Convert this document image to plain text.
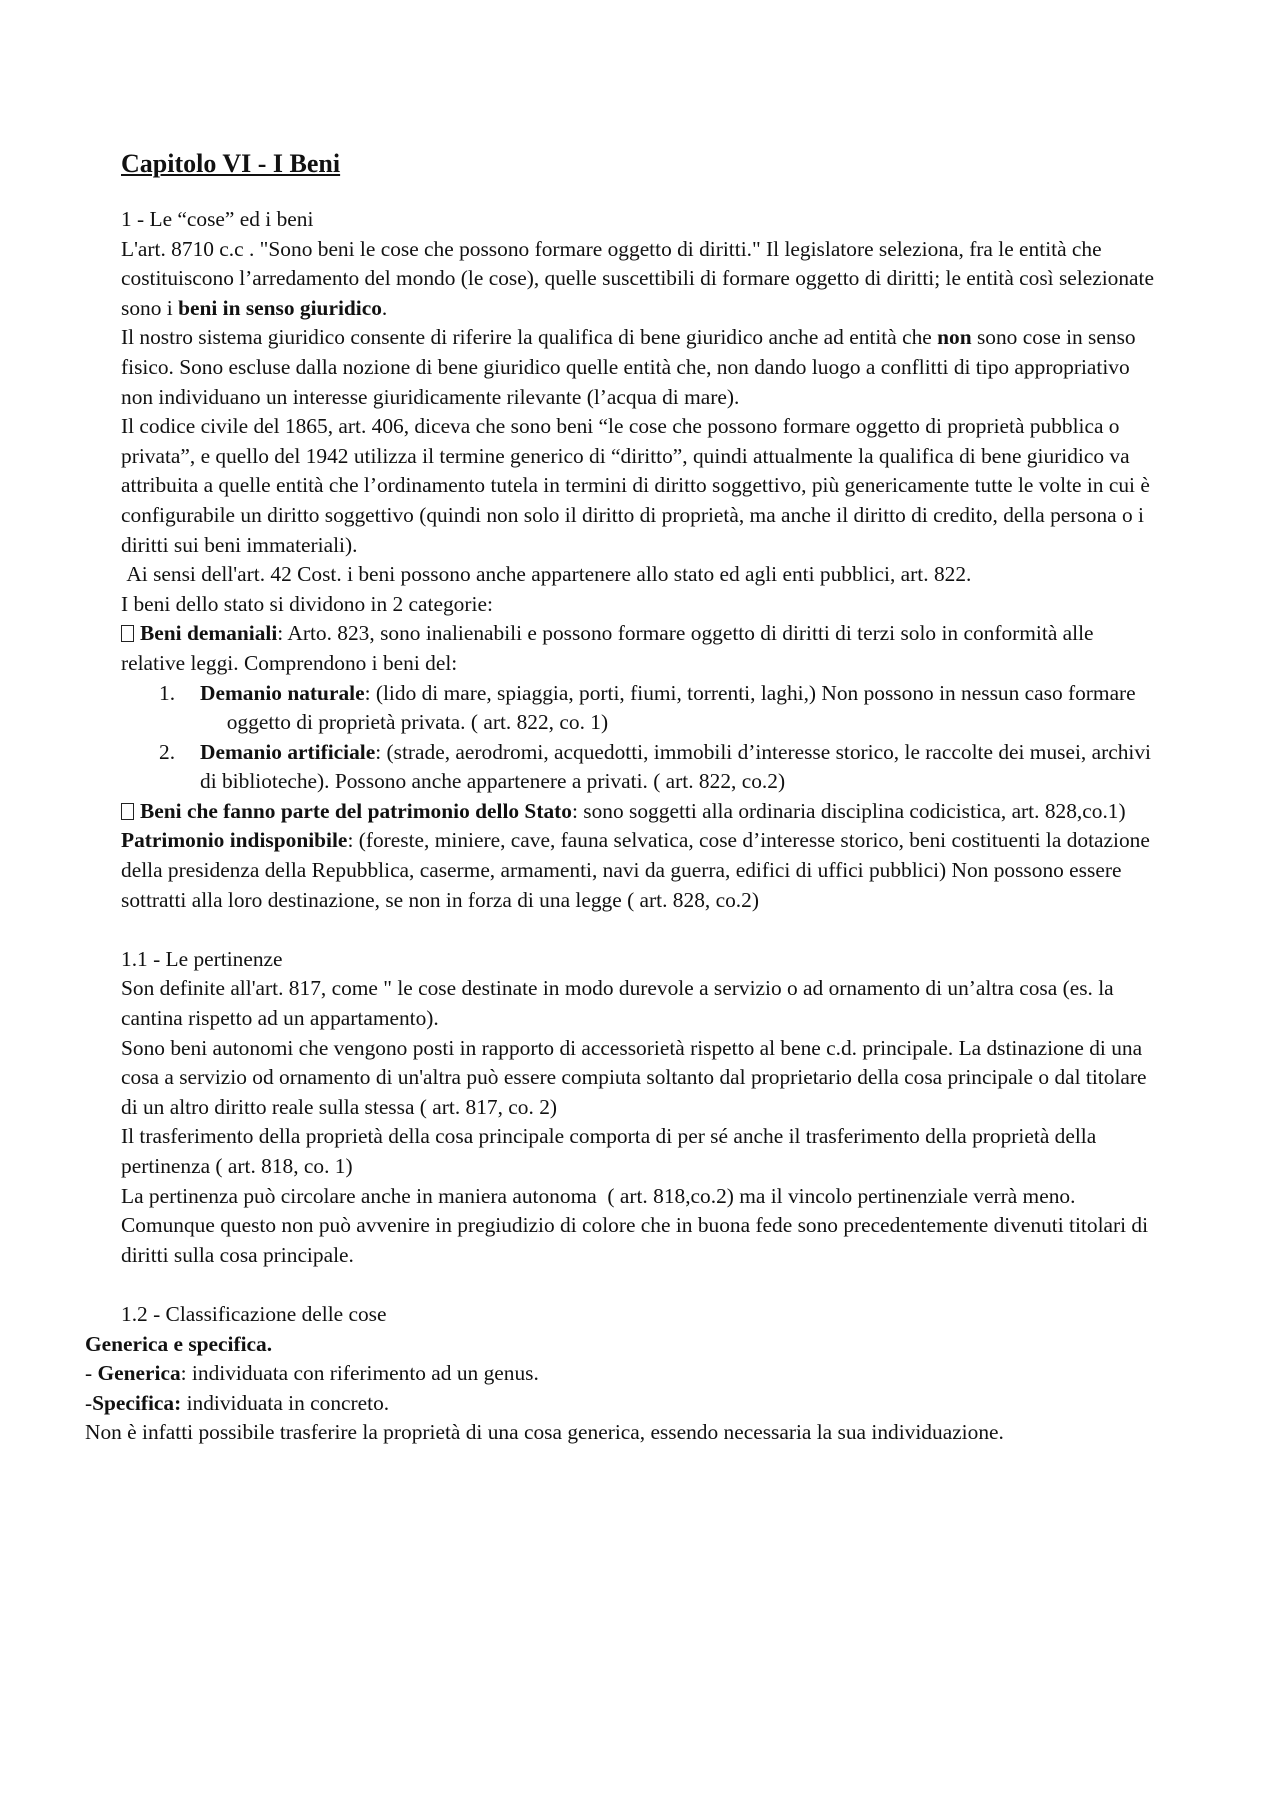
Capitolo VI - I Beni

1 - Le “cose” ed i beni

L'art. 8710 c.c . "Sono beni le cose che possono formare oggetto di diritti." Il legislatore seleziona, fra le entità che costituiscono l’arredamento del mondo (le cose), quelle suscettibili di formare oggetto di diritti; le entità così selezionate sono i beni in senso giuridico.

Il nostro sistema giuridico consente di riferire la qualifica di bene giuridico anche ad entità che non sono cose in senso fisico. Sono escluse dalla nozione di bene giuridico quelle entità che, non dando luogo a conflitti di tipo appropriativo non individuano un interesse giuridicamente rilevante (l’acqua di mare).

Il codice civile del 1865, art. 406, diceva che sono beni “le cose che possono formare oggetto di proprietà pubblica o privata”, e quello del 1942 utilizza il termine generico di “diritto”, quindi attualmente la qualifica di bene giuridico va attribuita a quelle entità che l’ordinamento tutela in termini di diritto soggettivo, più genericamente tutte le volte in cui è configurabile un diritto soggettivo (quindi non solo il diritto di proprietà, ma anche il diritto di credito, della persona o i diritti sui beni immateriali).

Ai sensi dell'art. 42 Cost. i beni possono anche appartenere allo stato ed agli enti pubblici, art. 822.

I beni dello stato si dividono in 2 categorie:

Beni demaniali: Arto. 823, sono inalienabili e possono formare oggetto di diritti di terzi solo in conformità alle relative leggi. Comprendono i beni del:

1. Demanio naturale: (lido di mare, spiaggia, porti, fiumi, torrenti, laghi,) Non possono in nessun caso formare      oggetto di proprietà privata. ( art. 822, co. 1)
2. Demanio artificiale: (strade, aerodromi, acquedotti, immobili d’interesse storico, le raccolte dei musei, archivi di biblioteche). Possono anche appartenere a privati. ( art. 822, co.2)

Beni che fanno parte del patrimonio dello Stato: sono soggetti alla ordinaria disciplina codicistica, art. 828,co.1)

Patrimonio indisponibile: (foreste, miniere, cave, fauna selvatica, cose d’interesse storico, beni costituenti la dotazione della presidenza della Repubblica, caserme, armamenti, navi da guerra, edifici di uffici pubblici) Non possono essere sottratti alla loro destinazione, se non in forza di una legge ( art. 828, co.2)

1.1 - Le pertinenze

Son definite all'art. 817, come " le cose destinate in modo durevole a servizio o ad ornamento di un’altra cosa (es. la cantina rispetto ad un appartamento).

Sono beni autonomi che vengono posti in rapporto di accessorietà rispetto al bene c.d. principale. La dstinazione di una cosa a servizio od ornamento di un'altra può essere compiuta soltanto dal proprietario della cosa principale o dal titolare di un altro diritto reale sulla stessa ( art. 817, co. 2)

Il trasferimento della proprietà della cosa principale comporta di per sé anche il trasferimento della proprietà della pertinenza ( art. 818, co. 1)

La pertinenza può circolare anche in maniera autonoma  ( art. 818,co.2) ma il vincolo pertinenziale verrà meno. Comunque questo non può avvenire in pregiudizio di colore che in buona fede sono precedentemente divenuti titolari di diritti sulla cosa principale.

1.2 - Classificazione delle cose

Generica e specifica.

- Generica: individuata con riferimento ad un genus.

-Specifica: individuata in concreto.

Non è infatti possibile trasferire la proprietà di una cosa generica, essendo necessaria la sua individuazione.
